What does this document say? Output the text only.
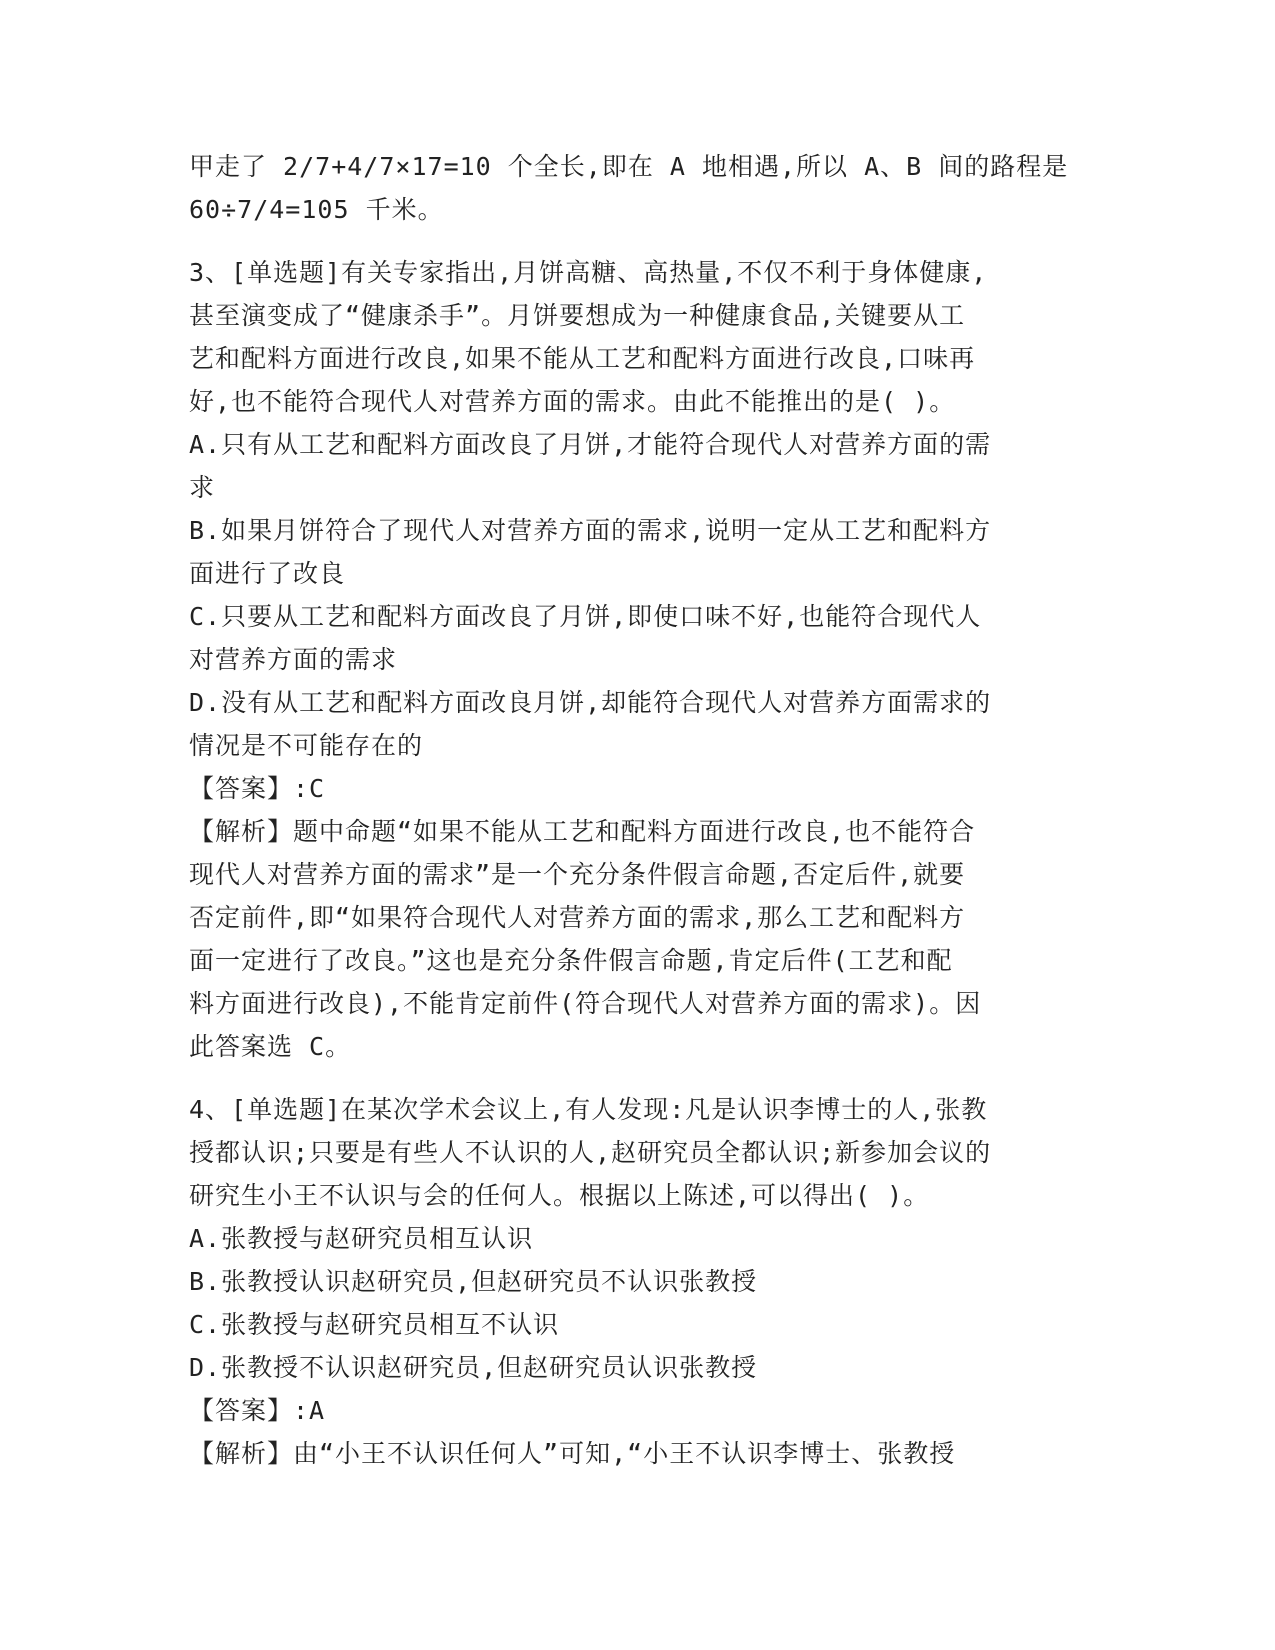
甲走了 2/7+4/7×17=10 个全长,即在 A 地相遇,所以 A、B 间的路程是

60÷7/4=105 千米。

3、[单选题]有关专家指出,月饼高糖、高热量,不仅不利于身体健康,

甚至演变成了“健康杀手”。月饼要想成为一种健康食品,关键要从工

艺和配料方面进行改良,如果不能从工艺和配料方面进行改良,口味再

好,也不能符合现代人对营养方面的需求。由此不能推出的是( )。

A.只有从工艺和配料方面改良了月饼,才能符合现代人对营养方面的需

求

B.如果月饼符合了现代人对营养方面的需求,说明一定从工艺和配料方

面进行了改良

C.只要从工艺和配料方面改良了月饼,即使口味不好,也能符合现代人

对营养方面的需求

D.没有从工艺和配料方面改良月饼,却能符合现代人对营养方面需求的

情况是不可能存在的

【答案】:C

【解析】题中命题“如果不能从工艺和配料方面进行改良,也不能符合

现代人对营养方面的需求”是一个充分条件假言命题,否定后件,就要

否定前件,即“如果符合现代人对营养方面的需求,那么工艺和配料方

面一定进行了改良。”这也是充分条件假言命题,肯定后件(工艺和配

料方面进行改良),不能肯定前件(符合现代人对营养方面的需求)。因

此答案选 C。

4、[单选题]在某次学术会议上,有人发现:凡是认识李博士的人,张教

授都认识;只要是有些人不认识的人,赵研究员全都认识;新参加会议的

研究生小王不认识与会的任何人。根据以上陈述,可以得出( )。

A.张教授与赵研究员相互认识

B.张教授认识赵研究员,但赵研究员不认识张教授

C.张教授与赵研究员相互不认识

D.张教授不认识赵研究员,但赵研究员认识张教授

【答案】:A

【解析】由“小王不认识任何人”可知,“小王不认识李博士、张教授
